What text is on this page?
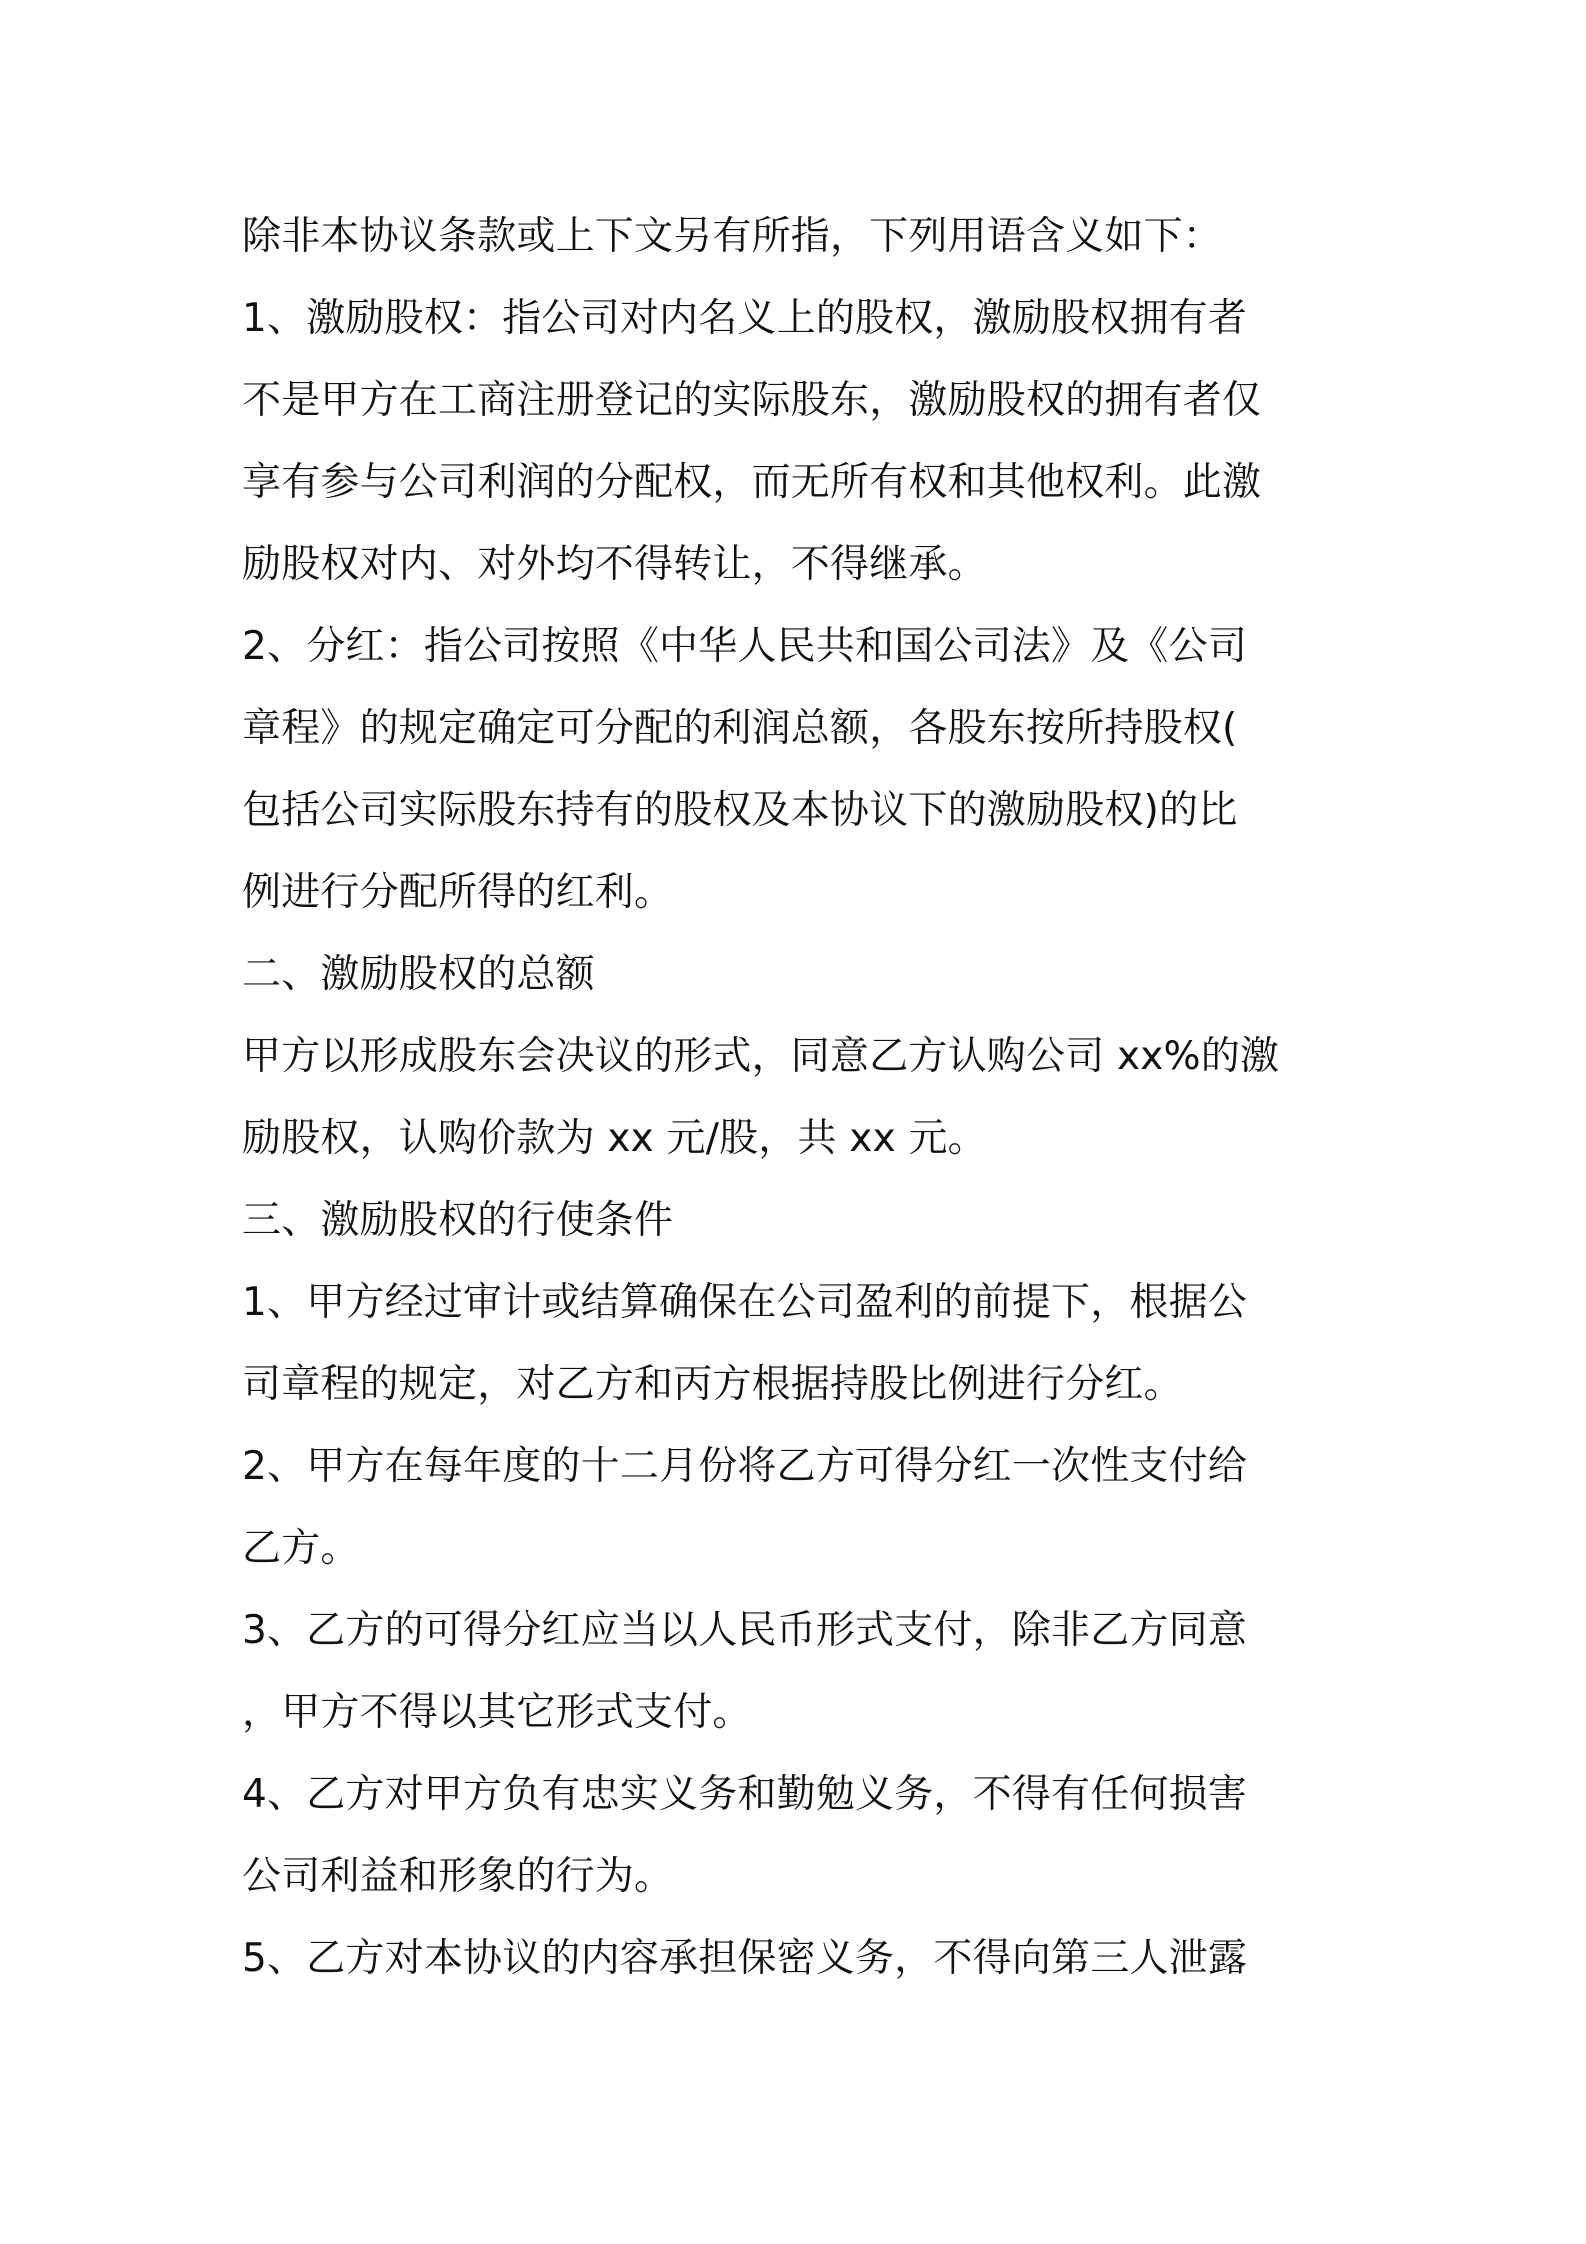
除非本协议条款或上下文另有所指，下列用语含义如下：
1、激励股权：指公司对内名义上的股权，激励股权拥有者
不是甲方在工商注册登记的实际股东，激励股权的拥有者仅
享有参与公司利润的分配权，而无所有权和其他权利。此激
励股权对内、对外均不得转让，不得继承。
2、分红：指公司按照《中华人民共和国公司法》及《公司
章程》的规定确定可分配的利润总额，各股东按所持股权(
包括公司实际股东持有的股权及本协议下的激励股权)的比
例进行分配所得的红利。
二、激励股权的总额
甲方以形成股东会决议的形式，同意乙方认购公司 xx%的激
励股权，认购价款为 xx 元/股，共 xx 元。
三、激励股权的行使条件
1、甲方经过审计或结算确保在公司盈利的前提下，根据公
司章程的规定，对乙方和丙方根据持股比例进行分红。
2、甲方在每年度的十二月份将乙方可得分红一次性支付给
乙方。
3、乙方的可得分红应当以人民币形式支付，除非乙方同意
，甲方不得以其它形式支付。
4、乙方对甲方负有忠实义务和勤勉义务，不得有任何损害
公司利益和形象的行为。
5、乙方对本协议的内容承担保密义务，不得向第三人泄露
